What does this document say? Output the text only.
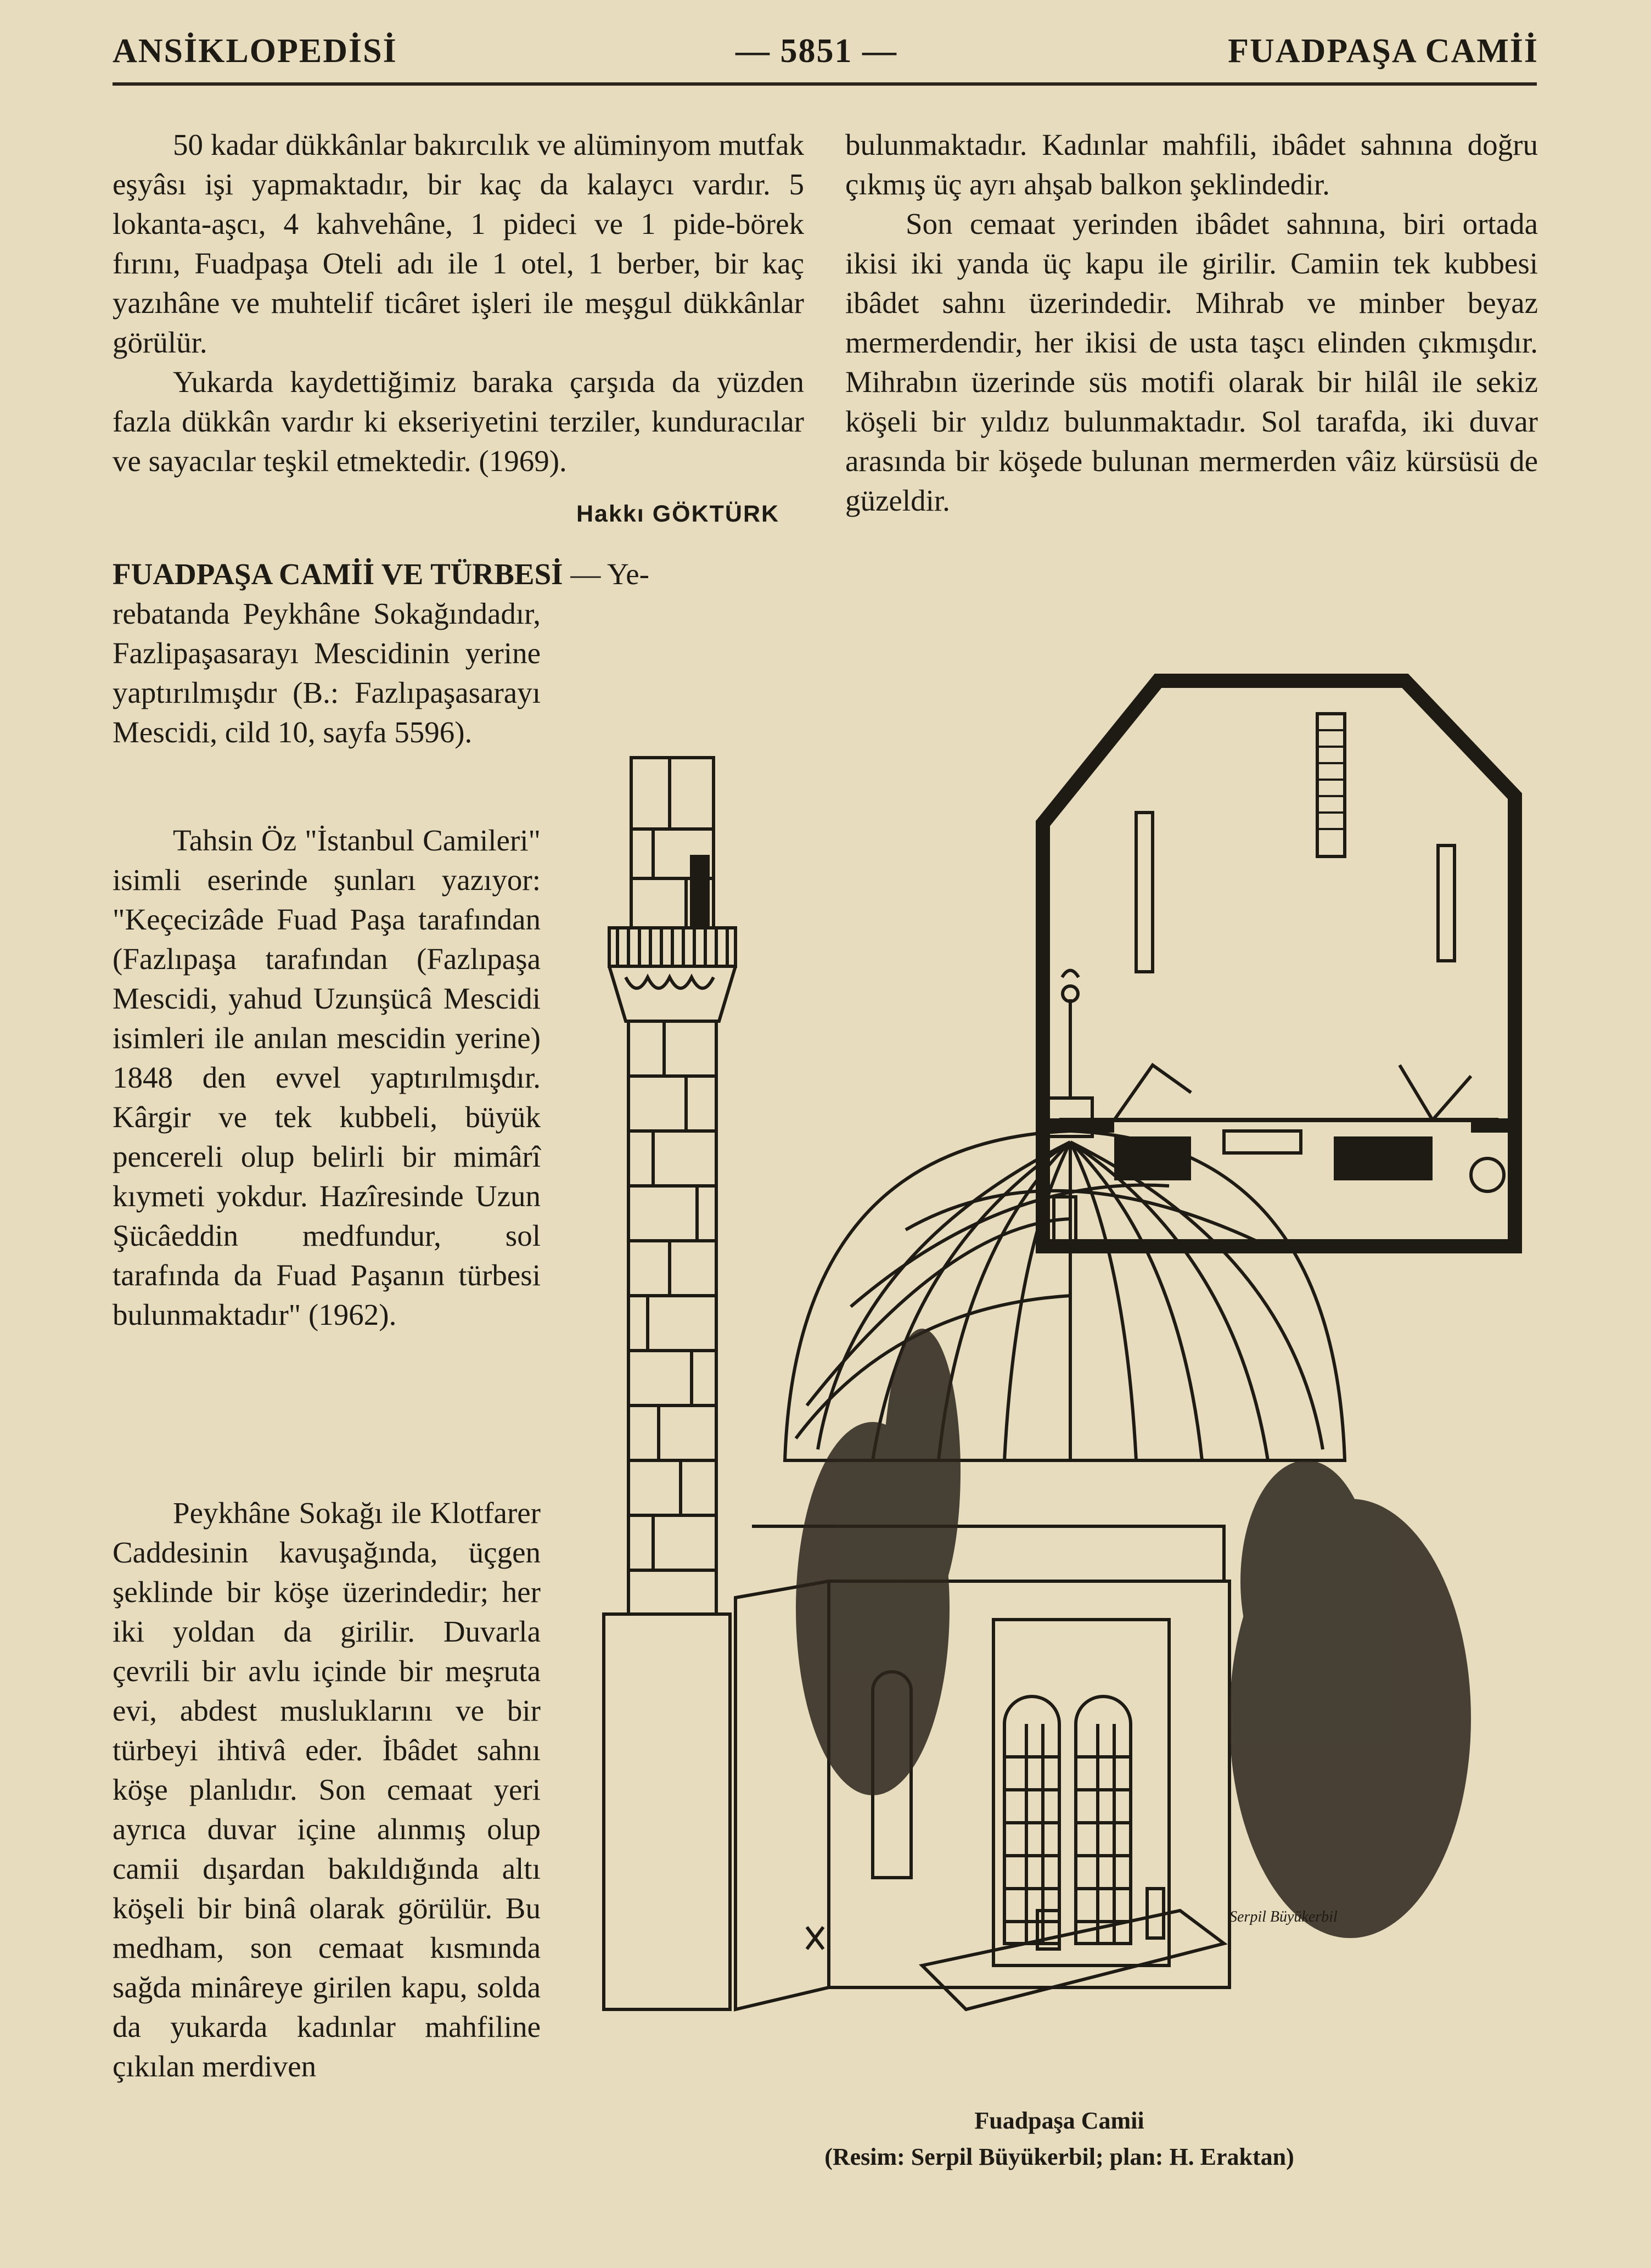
ANSİKLOPEDİSİ	— 5851 —	FUADPAŞA CAMİİ

50 kadar dükkânlar bakırcılık ve alüminyom mutfak eşyâsı işi yapmaktadır, bir kaç da kalaycı vardır. 5 lokanta-aşcı, 4 kahvehâne, 1 pideci ve 1 pide-börek fırını, Fuadpaşa Oteli adı ile 1 otel, 1 berber, bir kaç yazıhâne ve muhtelif ticâret işleri ile meşgul dükkânlar görülür.

Yukarda kaydettiğimiz baraka çarşıda da yüzden fazla dükkân vardır ki ekseriyetini terziler, kunduracılar ve sayacılar teşkil etmektedir. (1969).

Hakkı GÖKTÜRK
FUADPAŞA CAMİİ VE TÜRBESİ — Ye-

rebatanda Peykhâne Sokağındadır, Fazlipaşasarayı Mescidinin yerine yaptırılmışdır (B.: Fazlıpaşasarayı Mescidi, cild 10, sayfa 5596).

Tahsin Öz "İstanbul Camileri" isimli eserinde şunları yazıyor: "Keçecizâde Fuad Paşa tarafından (Fazlıpaşa tarafından (Fazlıpaşa Mescidi, yahud Uzunşücâ Mescidi isimleri ile anılan mescidin yerine) 1848 den evvel yaptırılmışdır. Kârgir ve tek kubbeli, büyük pencereli olup belirli bir mimârî kıymeti yokdur. Hazîresinde Uzun Şücâeddin medfundur, sol tarafında da Fuad Paşanın türbesi bulunmaktadır" (1962).

Peykhâne Sokağı ile Klotfarer Caddesinin kavuşağında, üçgen şeklinde bir köşe üzerindedir; her iki yoldan da girilir. Duvarla çevrili bir avlu içinde bir meşruta evi, abdest musluklarını ve bir türbeyi ihtivâ eder. İbâdet sahnı köşe planlıdır. Son cemaat yeri ayrıca duvar içine alınmış olup camii dışardan bakıldığında altı köşeli bir binâ olarak görülür. Bu medham, son cemaat kısmında sağda minâreye girilen kapu, solda da yukarda kadınlar mahfiline çıkılan merdiven

bulunmaktadır. Kadınlar mahfili, ibâdet sahnına doğru çıkmış üç ayrı ahşab balkon şeklindedir.

Son cemaat yerinden ibâdet sahnına, biri ortada ikisi iki yanda üç kapu ile girilir. Camiin tek kubbesi ibâdet sahnı üzerindedir. Mihrab ve minber beyaz mermerdendir, her ikisi de usta taşcı elinden çıkmışdır. Mihrabın üzerinde süs motifi olarak bir hilâl ile sekiz köşeli bir yıldız bulunmaktadır. Sol tarafda, iki duvar arasında bir köşede bulunan mermerden vâiz kürsüsü de güzeldir.

Serpil Büyükerbil
Fuadpaşa Camii
(Resim: Serpil Büyükerbil; plan: H. Eraktan)
